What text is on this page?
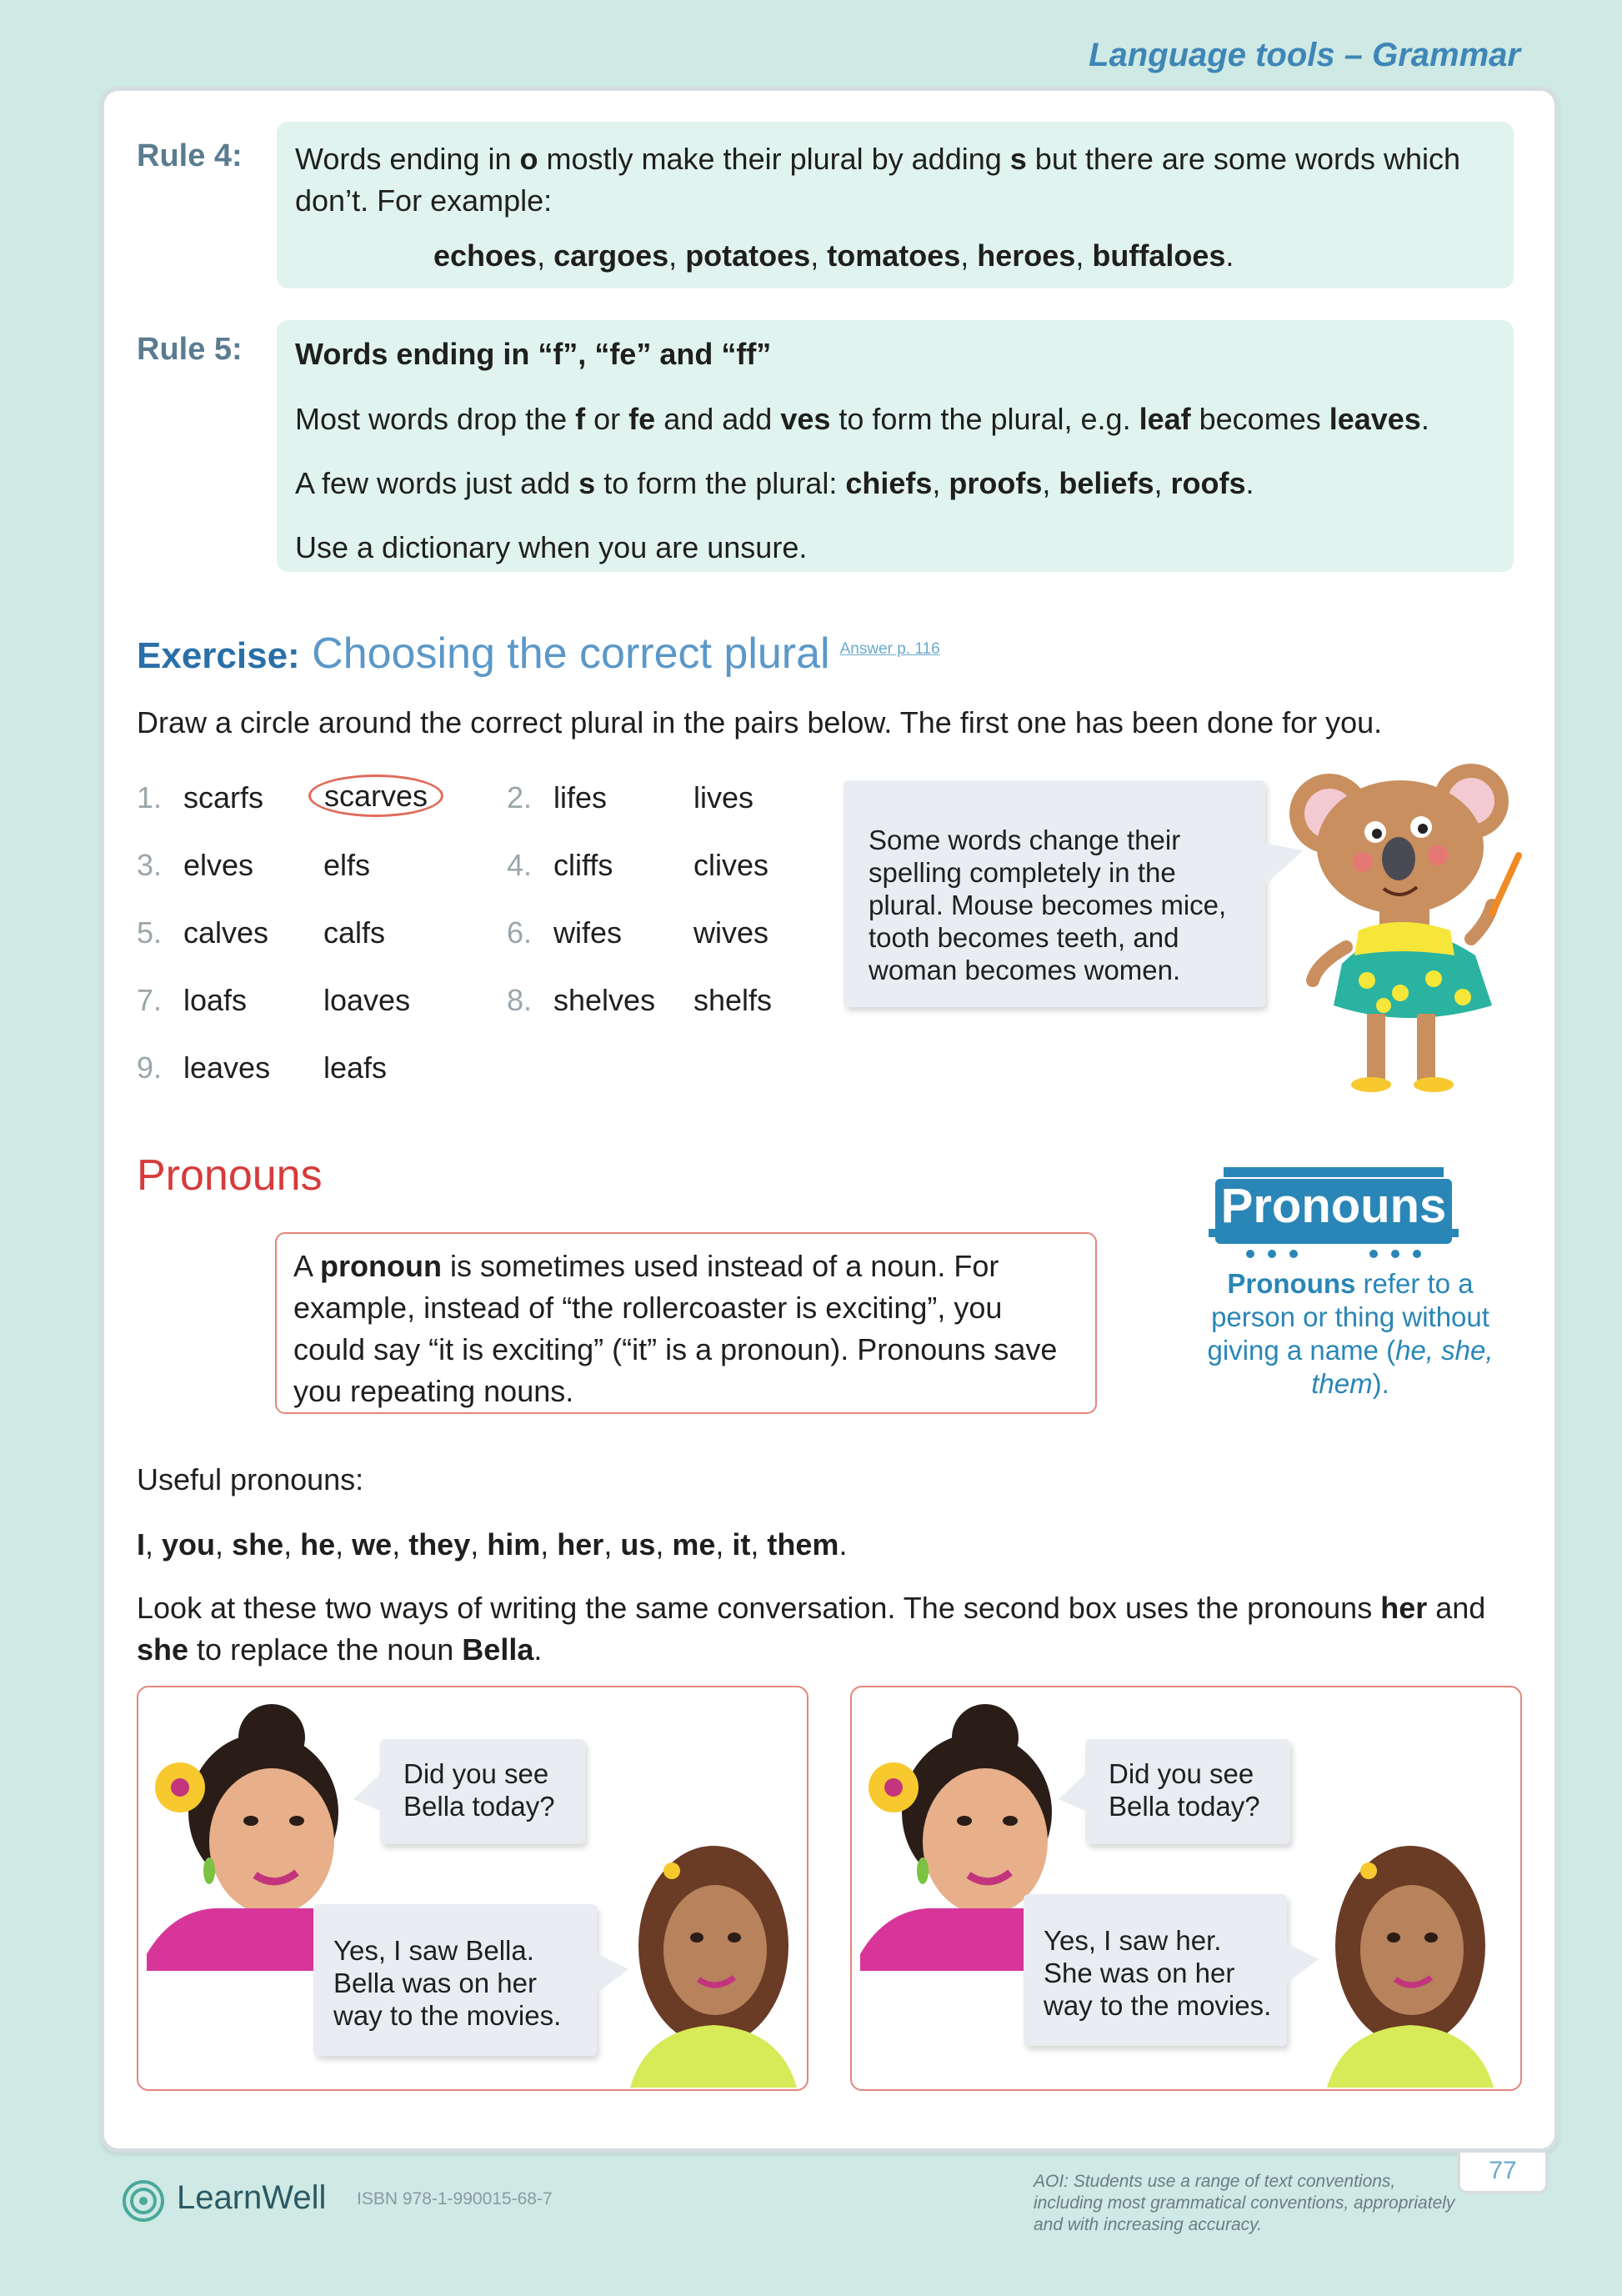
Language tools – Grammar
Rule 4: Words ending in o mostly make their plural by adding s but there are some words which don’t. For example:

echoes, cargoes, potatoes, tomatoes, heroes, buffaloes.

Rule 5: Words ending in “f”, “fe” and “ff”

Most words drop the f or fe and add ves to form the plural, e.g. leaf becomes leaves.

A few words just add s to form the plural: chiefs, proofs, beliefs, roofs.

Use a dictionary when you are unsure.

Exercise: Choosing the correct plural $^{Answer p. 116}$
Draw a circle around the correct plural in the pairs below. The first one has been done for you.
1. scarfs scarves	2. lifes	lives
3. elves elfs	4. cliffs	clives
5. calves calfs	6. wifes wives
7. loafs	loaves	8. shelves shelfs
9. leaves leafs
Some words change their spelling completely in the plural. Mouse becomes mice, tooth becomes teeth, and woman becomes women.
Pronouns
A pronoun is sometimes used instead of a noun. For example, instead of “the rollercoaster is exciting”, you could say “it is exciting” (“it” is a pronoun). Pronouns save you repeating nouns.
Pronouns
Pronouns refer to a person or thing without giving a name (he, she, them).
Useful pronouns:
I, you, she, he, we, they, him, her, us, me, it, them.
Look at these two ways of writing the same conversation. The second box uses the pronouns her and she to replace the noun Bella.
Did you see
Bella today?
Yes, I saw Bella.
Bella was on her
way to the movies.
Did you see
Bella today?
Yes, I saw her.
She was on her
way to the movies.
LearnWell ISBN 978-1-990015-68-7
AOI: Students use a range of text conventions, including most grammatical conventions, appropriately and with increasing accuracy.
77
